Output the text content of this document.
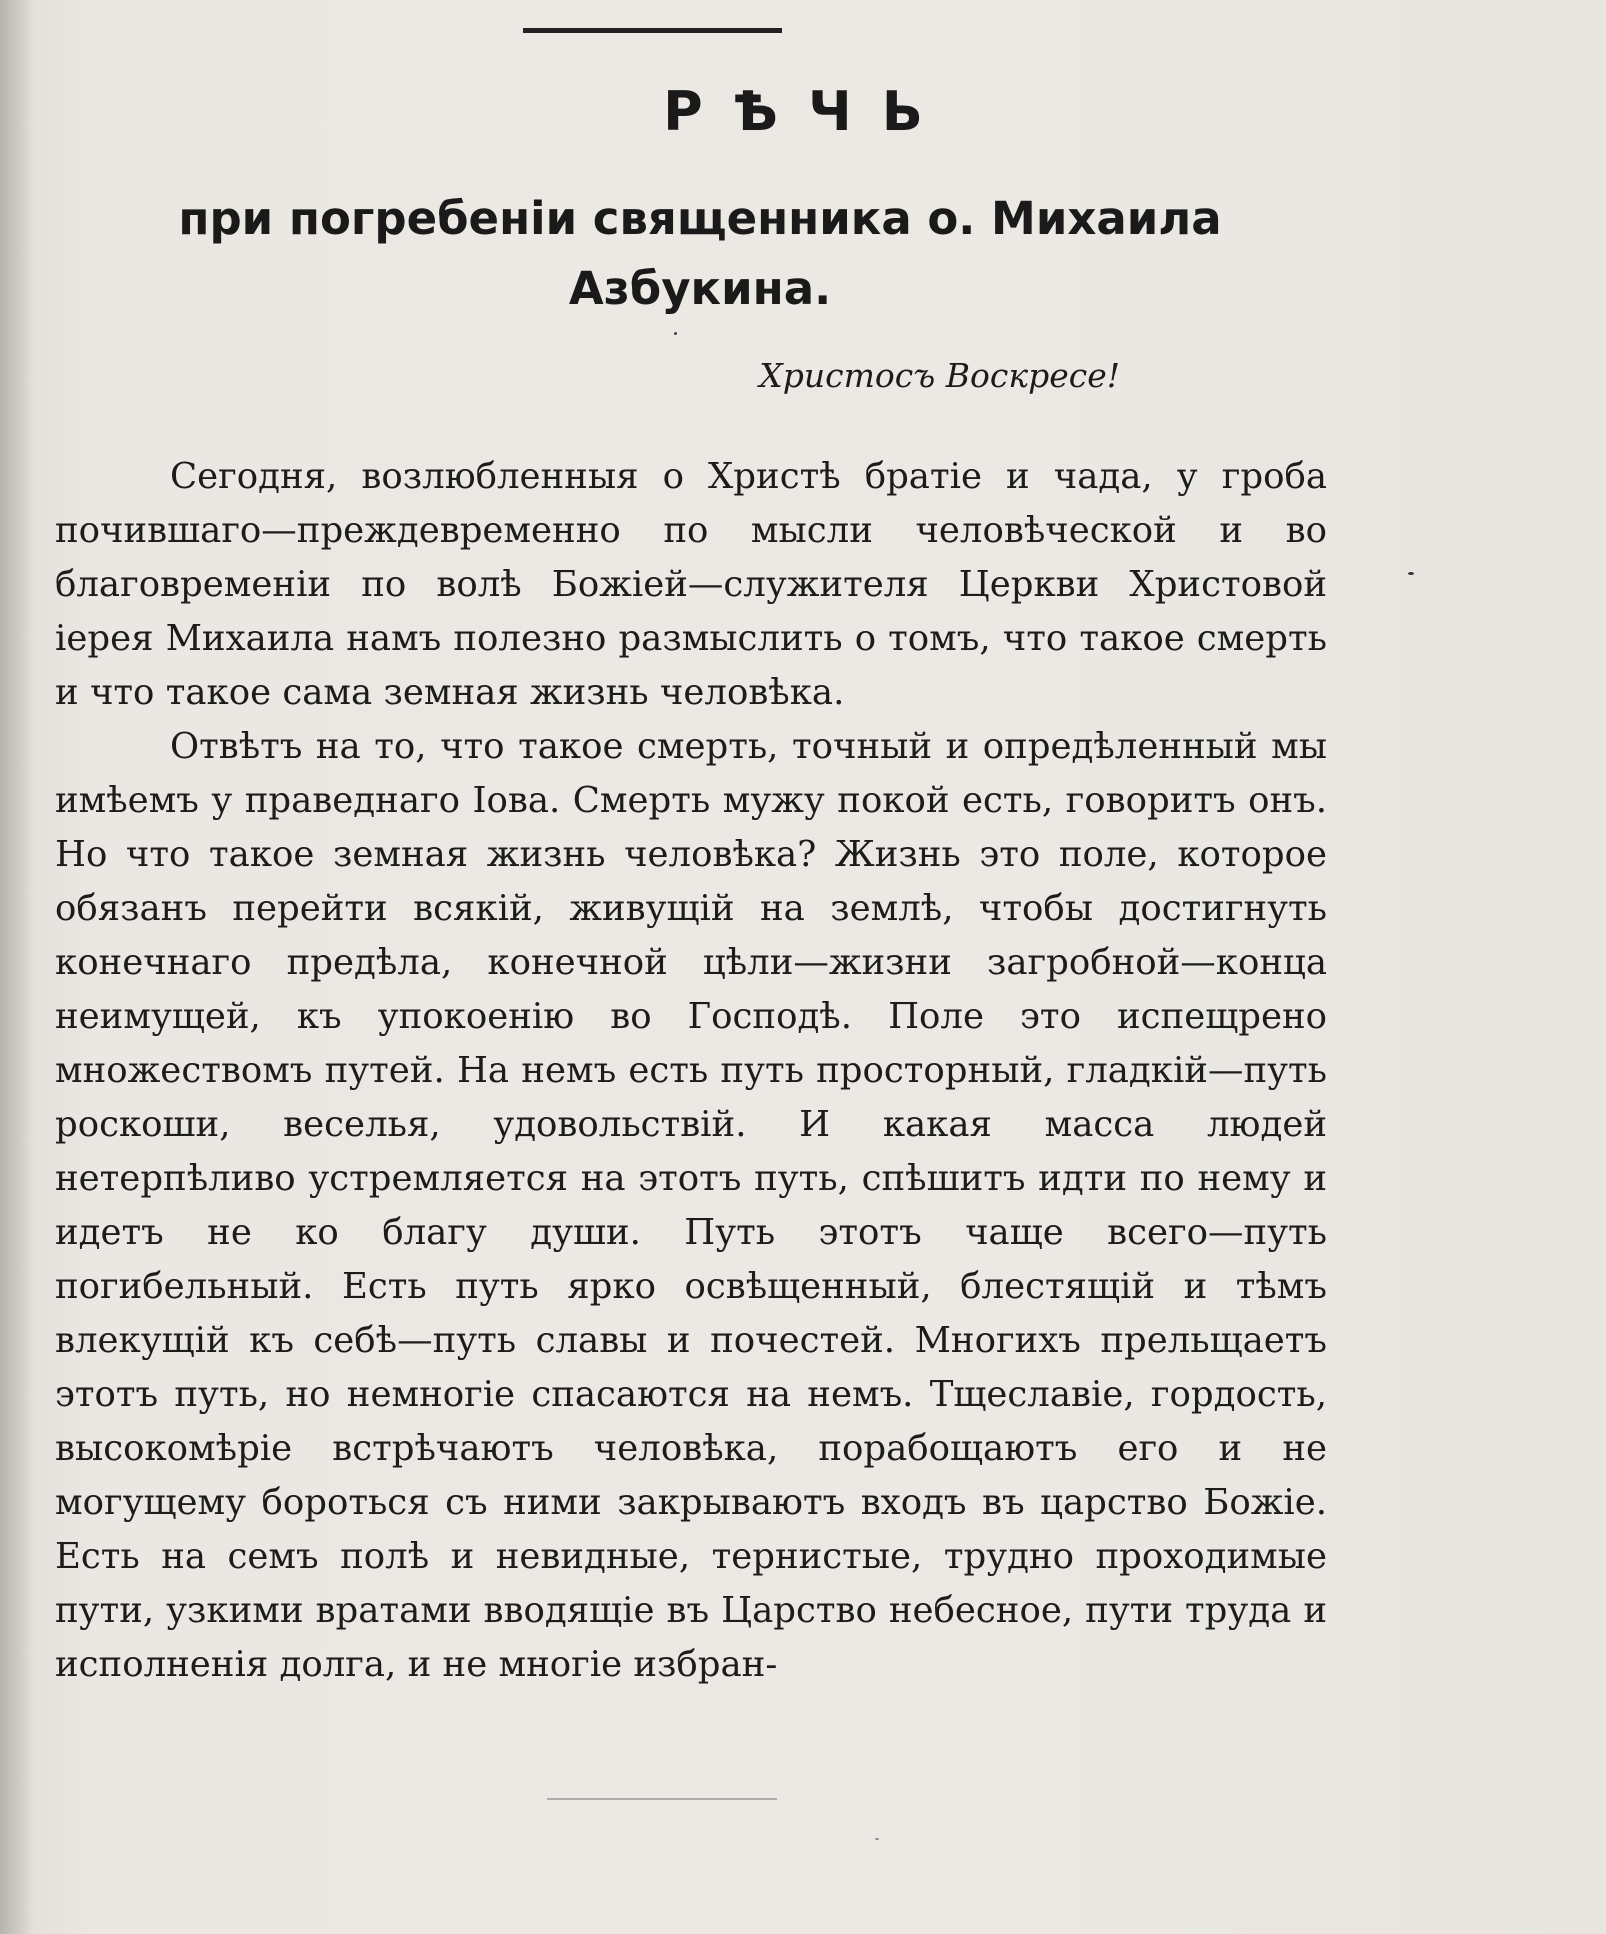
РѢЧЬ
при погребеніи священника о. Михаила Азбукина.
Христосъ Воскресе!

Сегодня, возлюбленныя о Христѣ братіе и чада, у гроба почившаго—преждевременно по мысли человѣческой и во благовременіи по волѣ Божіей—служителя Церкви Христовой іерея Михаила намъ полезно размыслить о томъ, что такое смерть и что такое сама земная жизнь человѣка.

Отвѣтъ на то, что такое смерть, точный и опредѣленный мы имѣемъ у праведнаго Іова. Смерть мужу покой есть, говоритъ онъ. Но что такое земная жизнь человѣка? Жизнь это поле, которое обязанъ перейти всякій, живущій на землѣ, чтобы достигнуть конечнаго предѣла, конечной цѣли—жизни загробной—конца неимущей, къ упокоенію во Господѣ. Поле это испещрено множествомъ путей. На немъ есть путь просторный, гладкій—путь роскоши, веселья, удовольствій. И какая масса людей нетерпѣливо устремляется на этотъ путь, спѣшитъ идти по нему и идетъ не ко благу души. Путь этотъ чаще всего—путь погибельный. Есть путь ярко освѣщенный, блестящій и тѣмъ влекущій къ себѣ—путь славы и почестей. Многихъ прельщаетъ этотъ путь, но немногіе спасаются на немъ. Тщеславіе, гордость, высокомѣріе встрѣчаютъ человѣка, порабощаютъ его и не могущему бороться съ ними закрываютъ входъ въ царство Божіе. Есть на семъ полѣ и невидные, тернистые, трудно проходимые пути, узкими вратами вводящіе въ Царство небесное, пути труда и исполненія долга, и не многіе избран-
